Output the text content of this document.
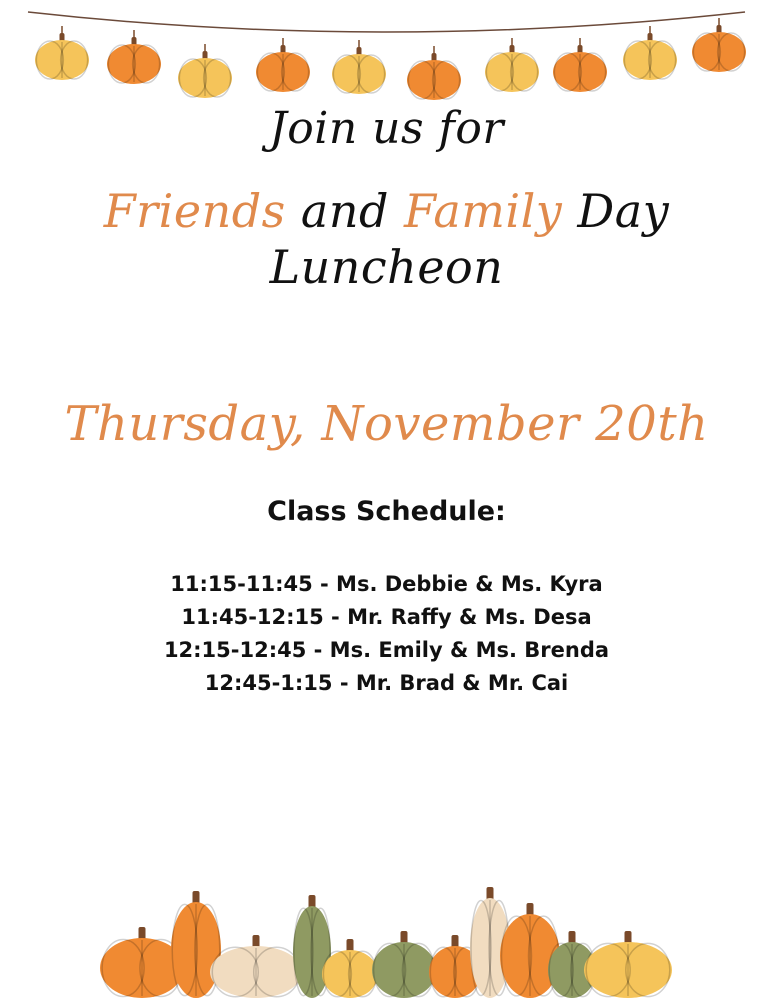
Join us for
Friends and Family Day
Luncheon
Thursday, November 20th
Class Schedule:
11:15-11:45 - Ms. Debbie & Ms. Kyra
11:45-12:15 - Mr. Raffy & Ms. Desa
12:15-12:45 - Ms. Emily & Ms. Brenda
12:45-1:15 - Mr. Brad & Mr. Cai
